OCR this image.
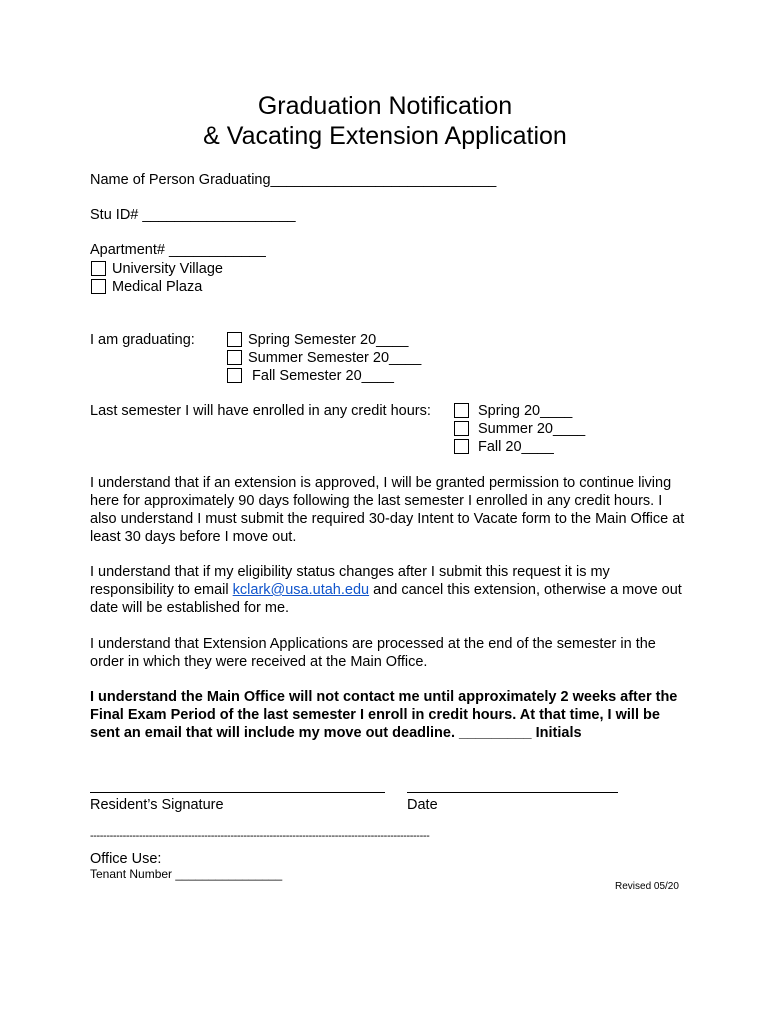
Graduation Notification
& Vacating Extension Application
Name of Person Graduating____________________________
Stu ID# ___________________
Apartment# ____________
University Village
Medical Plaza
I am graduating:	Spring Semester 20____
Summer Semester 20____
Fall Semester 20____
Last semester I will have enrolled in any credit hours:	Spring 20____
Summer 20____
Fall 20____
I understand that if an extension is approved, I will be granted permission to continue living here for approximately 90 days following the last semester I enrolled in any credit hours. I also understand I must submit the required 30-day Intent to Vacate form to the Main Office at least 30 days before I move out.
I understand that if my eligibility status changes after I submit this request it is my responsibility to email kclark@usa.utah.edu and cancel this extension, otherwise a move out date will be established for me.
I understand that Extension Applications are processed at the end of the semester in the order in which they were received at the Main Office.
I understand the Main Office will not contact me until approximately 2 weeks after the Final Exam Period of the last semester I enroll in credit hours. At that time, I will be sent an email that will include my move out deadline. _________ Initials
Resident’s Signature	Date
--------------------------------------------------------------------------------------------------------
Office Use:
Tenant Number ________________
Revised 05/20
